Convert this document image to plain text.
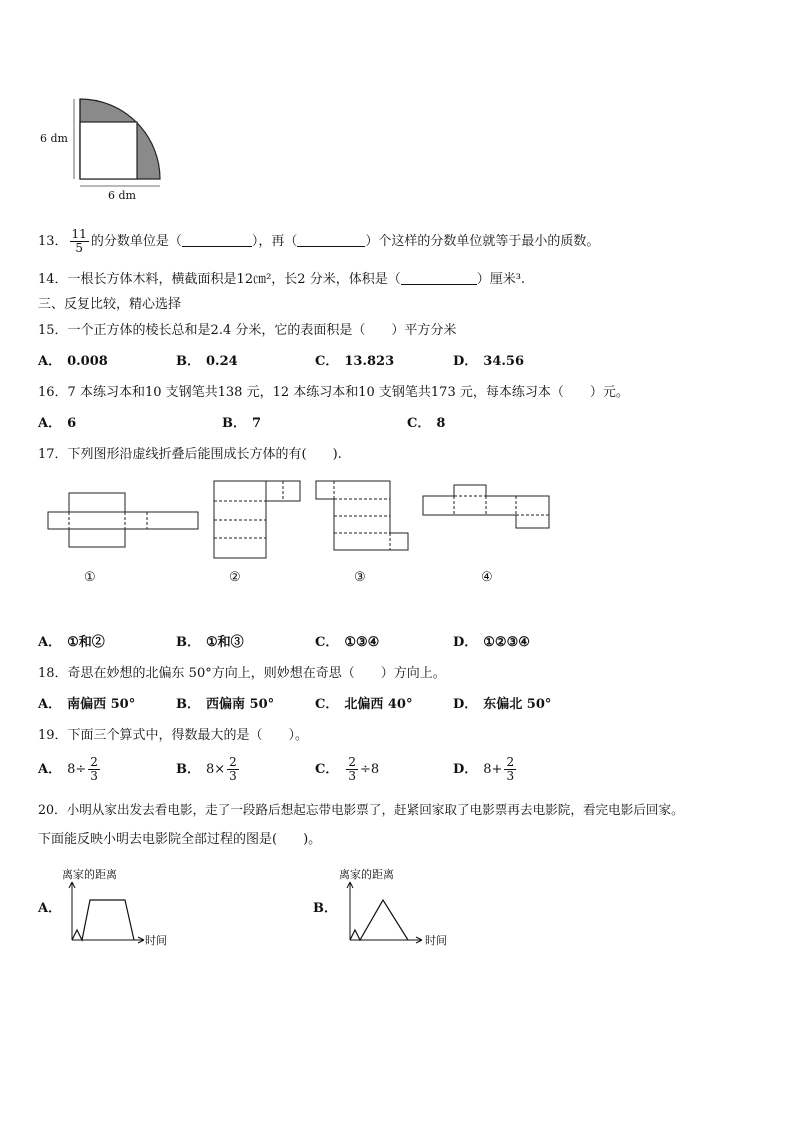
6 dm
6 dm
13． $\frac{11}{5}$ 的分数单位是（	），再（	）个这样的分数单位就等于最小的质数。
14．一根长方体木料，横截面积是12㎝²，长2 分米，体积是（	）厘米³.
三、反复比较，精心选择
15．一个正方体的棱长总和是2.4 分米，它的表面积是（　　）平方分米
A． 0.008	B． 0.24	C． 13.823	D． 34.56
16．7 本练习本和10 支钢笔共138 元，12 本练习本和10 支钢笔共173 元，每本练习本（　　）元。
A． 6	B． 7	C． 8
17．下列图形沿虚线折叠后能围成长方体的有(　　).
①	②	③	④
A． ①和②	B． ①和③	C． ①③④	D． ①②③④
18．奇思在妙想的北偏东 50°方向上，则妙想在奇思（　　）方向上。
A． 南偏西 50°	B． 西偏南 50°	C． 北偏西 40°	D． 东偏北 50°
19．下面三个算式中，得数最大的是（　　）。
A． $8\div \frac{2}{3}$	B． $8\times \frac{2}{3}$	C． $\frac{2}{3} \div 8$	D． $8+ \frac{2}{3}$
20．小明从家出发去看电影，走了一段路后想起忘带电影票了，赶紧回家取了电影票再去电影院，看完电影后回家。
下面能反映小明去电影院全部过程的图是(　　)。
A．
离家的距离
时间
B．
离家的距离
时间
